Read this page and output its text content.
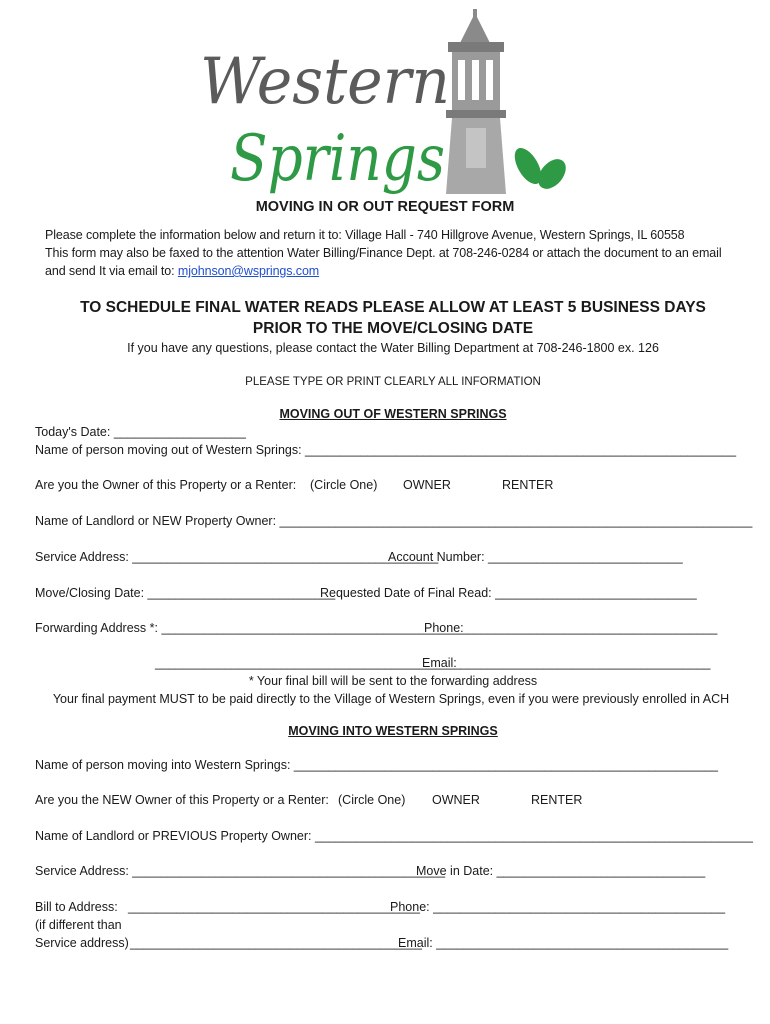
Western
Springs
MOVING IN OR OUT REQUEST FORM
Please complete the information below and return it to: Village Hall - 740 Hillgrove Avenue, Western Springs, IL 60558
This form may also be faxed to the attention Water Billing/Finance Dept. at 708-246-0284 or attach the document to an email
and send It via email to: mjohnson@wsprings.com
TO SCHEDULE FINAL WATER READS PLEASE ALLOW AT LEAST 5 BUSINESS DAYS
PRIOR TO THE MOVE/CLOSING DATE
If you have any questions, please contact the Water Billing Department at 708-246-1800 ex. 126
PLEASE TYPE OR PRINT CLEARLY ALL INFORMATION
MOVING OUT OF WESTERN SPRINGS
Today's Date: ___________________
Name of person moving out of Western Springs: ______________________________________________________________
Are you the Owner of this Property or a Renter: (Circle One) OWNER	RENTER
Name of Landlord or NEW Property Owner: ____________________________________________________________________
Service Address: ____________________________________________
Account Number: ____________________________
Move/Closing Date: ___________________________
Requested Date of Final Read: _____________________________
Forwarding Address *: ____________________________________________
Phone: ____________________________________
____________________________________________
Email: ____________________________________
* Your final bill will be sent to the forwarding address
Your final payment MUST to be paid directly to the Village of Western Springs, even if you were previously enrolled in ACH
MOVING INTO WESTERN SPRINGS
Name of person moving into Western Springs: _____________________________________________________________
Are you the NEW Owner of this Property or a Renter: (Circle One) OWNER	RENTER
Name of Landlord or PREVIOUS Property Owner: _______________________________________________________________
Service Address: _____________________________________________
Move in Date: ______________________________
Bill to Address: __________________________________________
Phone: __________________________________________
(if different than
Service address) __________________________________________
Email: __________________________________________
